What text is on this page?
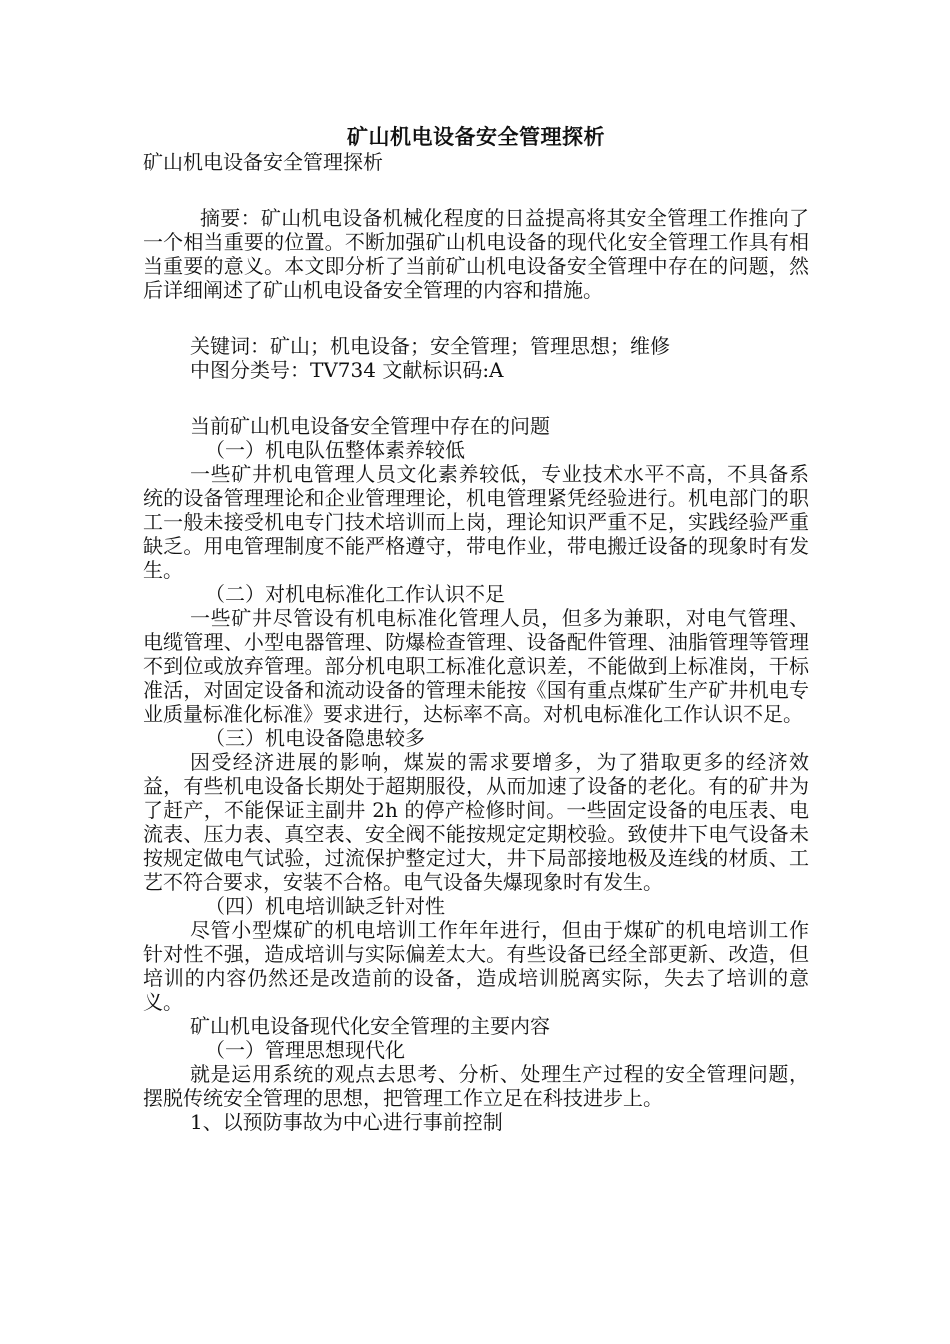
矿山机电设备安全管理探析

矿山机电设备安全管理探析

摘要：矿山机电设备机械化程度的日益提高将其安全管理工作推向了一个相当重要的位置。不断加强矿山机电设备的现代化安全管理工作具有相当重要的意义。本文即分析了当前矿山机电设备安全管理中存在的问题，然后详细阐述了矿山机电设备安全管理的内容和措施。

关键词：矿山；机电设备；安全管理；管理思想；维修

中图分类号：TV734 文献标识码:A

当前矿山机电设备安全管理中存在的问题

（一）机电队伍整体素养较低

一些矿井机电管理人员文化素养较低，专业技术水平不高，不具备系统的设备管理理论和企业管理理论，机电管理紧凭经验进行。机电部门的职工一般未接受机电专门技术培训而上岗，理论知识严重不足，实践经验严重缺乏。用电管理制度不能严格遵守，带电作业，带电搬迁设备的现象时有发生。

（二）对机电标准化工作认识不足

一些矿井尽管设有机电标准化管理人员，但多为兼职，对电气管理、电缆管理、小型电器管理、防爆检查管理、设备配件管理、油脂管理等管理不到位或放弃管理。部分机电职工标准化意识差，不能做到上标准岗，干标准活，对固定设备和流动设备的管理未能按《国有重点煤矿生产矿井机电专业质量标准化标准》要求进行，达标率不高。对机电标准化工作认识不足。

（三）机电设备隐患较多

因受经济进展的影响，煤炭的需求要增多，为了猎取更多的经济效益，有些机电设备长期处于超期服役，从而加速了设备的老化。有的矿井为了赶产，不能保证主副井 2h 的停产检修时间。一些固定设备的电压表、电流表、压力表、真空表、安全阀不能按规定定期校验。致使井下电气设备未按规定做电气试验，过流保护整定过大，井下局部接地极及连线的材质、工艺不符合要求，安装不合格。电气设备失爆现象时有发生。

（四）机电培训缺乏针对性

尽管小型煤矿的机电培训工作年年进行，但由于煤矿的机电培训工作针对性不强，造成培训与实际偏差太大。有些设备已经全部更新、改造，但培训的内容仍然还是改造前的设备，造成培训脱离实际，失去了培训的意义。

矿山机电设备现代化安全管理的主要内容

（一）管理思想现代化

就是运用系统的观点去思考、分析、处理生产过程的安全管理问题，摆脱传统安全管理的思想，把管理工作立足在科技进步上。

1、以预防事故为中心进行事前控制
